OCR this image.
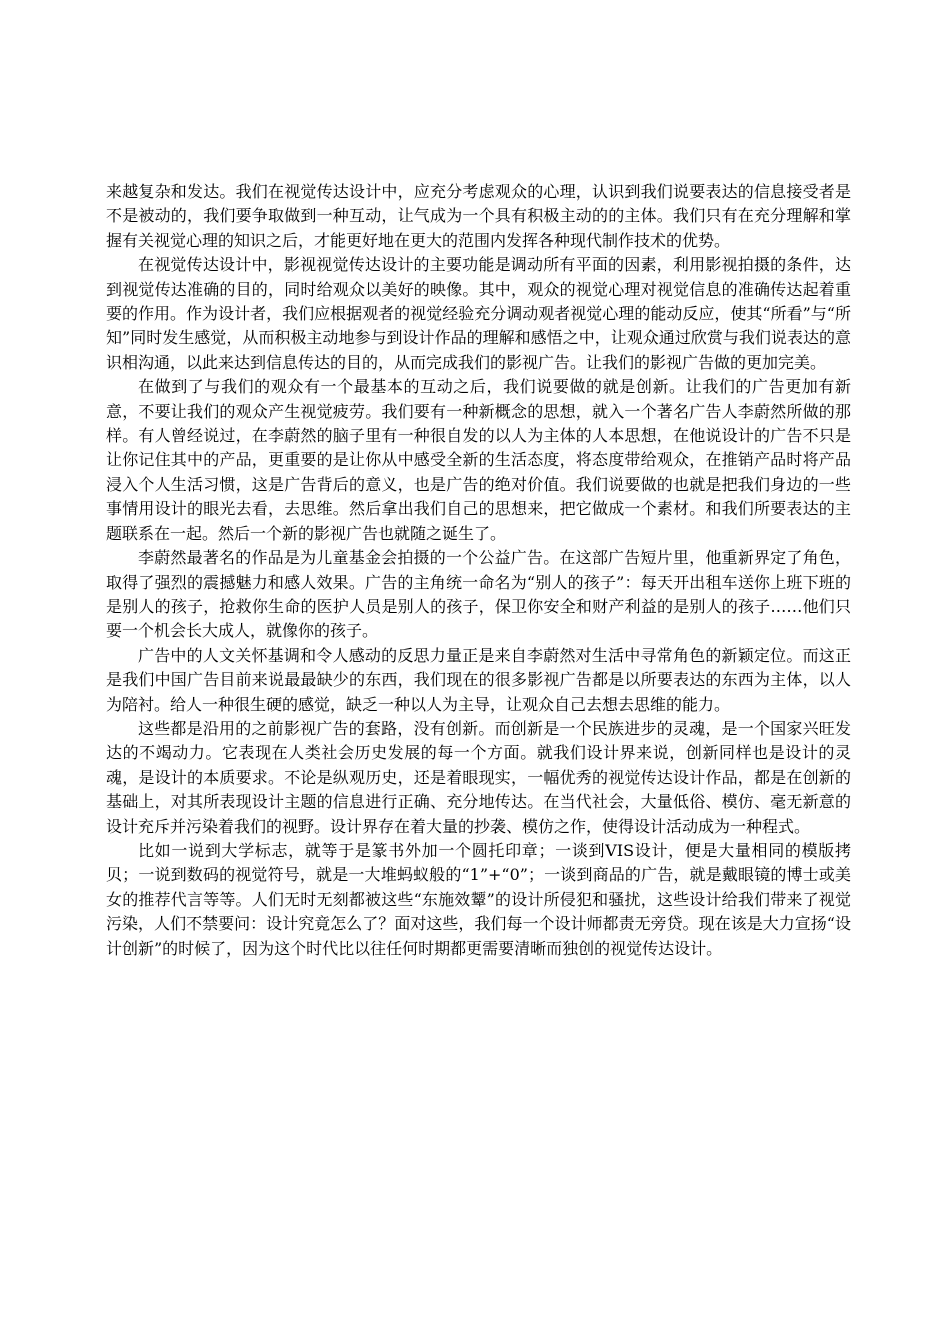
来越复杂和发达。我们在视觉传达设计中，应充分考虑观众的心理，认识到我们说要表达的信息接受者是不是被动的，我们要争取做到一种互动，让气成为一个具有积极主动的的主体。我们只有在充分理解和掌握有关视觉心理的知识之后，才能更好地在更大的范围内发挥各种现代制作技术的优势。

在视觉传达设计中，影视视觉传达设计的主要功能是调动所有平面的因素，利用影视拍摄的条件，达到视觉传达准确的目的，同时给观众以美好的映像。其中，观众的视觉心理对视觉信息的准确传达起着重要的作用。作为设计者，我们应根据观者的视觉经验充分调动观者视觉心理的能动反应，使其“所看”与“所知”同时发生感觉，从而积极主动地参与到设计作品的理解和感悟之中，让观众通过欣赏与我们说表达的意识相沟通，以此来达到信息传达的目的，从而完成我们的影视广告。让我们的影视广告做的更加完美。

在做到了与我们的观众有一个最基本的互动之后，我们说要做的就是创新。让我们的广告更加有新意，不要让我们的观众产生视觉疲劳。我们要有一种新概念的思想，就入一个著名广告人李蔚然所做的那样。有人曾经说过，在李蔚然的脑子里有一种很自发的以人为主体的人本思想，在他说设计的广告不只是让你记住其中的产品，更重要的是让你从中感受全新的生活态度，将态度带给观众，在推销产品时将产品浸入个人生活习惯，这是广告背后的意义，也是广告的绝对价值。我们说要做的也就是把我们身边的一些事情用设计的眼光去看，去思维。然后拿出我们自己的思想来，把它做成一个素材。和我们所要表达的主题联系在一起。然后一个新的影视广告也就随之诞生了。

李蔚然最著名的作品是为儿童基金会拍摄的一个公益广告。在这部广告短片里，他重新界定了角色，取得了强烈的震撼魅力和感人效果。广告的主角统一命名为“别人的孩子”：每天开出租车送你上班下班的是别人的孩子，抢救你生命的医护人员是别人的孩子，保卫你安全和财产利益的是别人的孩子……他们只要一个机会长大成人，就像你的孩子。

广告中的人文关怀基调和令人感动的反思力量正是来自李蔚然对生活中寻常角色的新颖定位。而这正是我们中国广告目前来说最最缺少的东西，我们现在的很多影视广告都是以所要表达的东西为主体，以人为陪衬。给人一种很生硬的感觉，缺乏一种以人为主导，让观众自己去想去思维的能力。

这些都是沿用的之前影视广告的套路，没有创新。而创新是一个民族进步的灵魂，是一个国家兴旺发达的不竭动力。它表现在人类社会历史发展的每一个方面。就我们设计界来说，创新同样也是设计的灵魂，是设计的本质要求。不论是纵观历史，还是着眼现实，一幅优秀的视觉传达设计作品，都是在创新的基础上，对其所表现设计主题的信息进行正确、充分地传达。在当代社会，大量低俗、模仿、毫无新意的设计充斥并污染着我们的视野。设计界存在着大量的抄袭、模仿之作，使得设计活动成为一种程式。

比如一说到大学标志，就等于是篆书外加一个圆托印章；一谈到VIS设计，便是大量相同的模版拷贝；一说到数码的视觉符号，就是一大堆蚂蚁般的“1”+“0”；一谈到商品的广告，就是戴眼镜的博士或美女的推荐代言等等。人们无时无刻都被这些“东施效颦”的设计所侵犯和骚扰，这些设计给我们带来了视觉污染，人们不禁要问：设计究竟怎么了？面对这些，我们每一个设计师都责无旁贷。现在该是大力宣扬“设计创新”的时候了，因为这个时代比以往任何时期都更需要清晰而独创的视觉传达设计。
